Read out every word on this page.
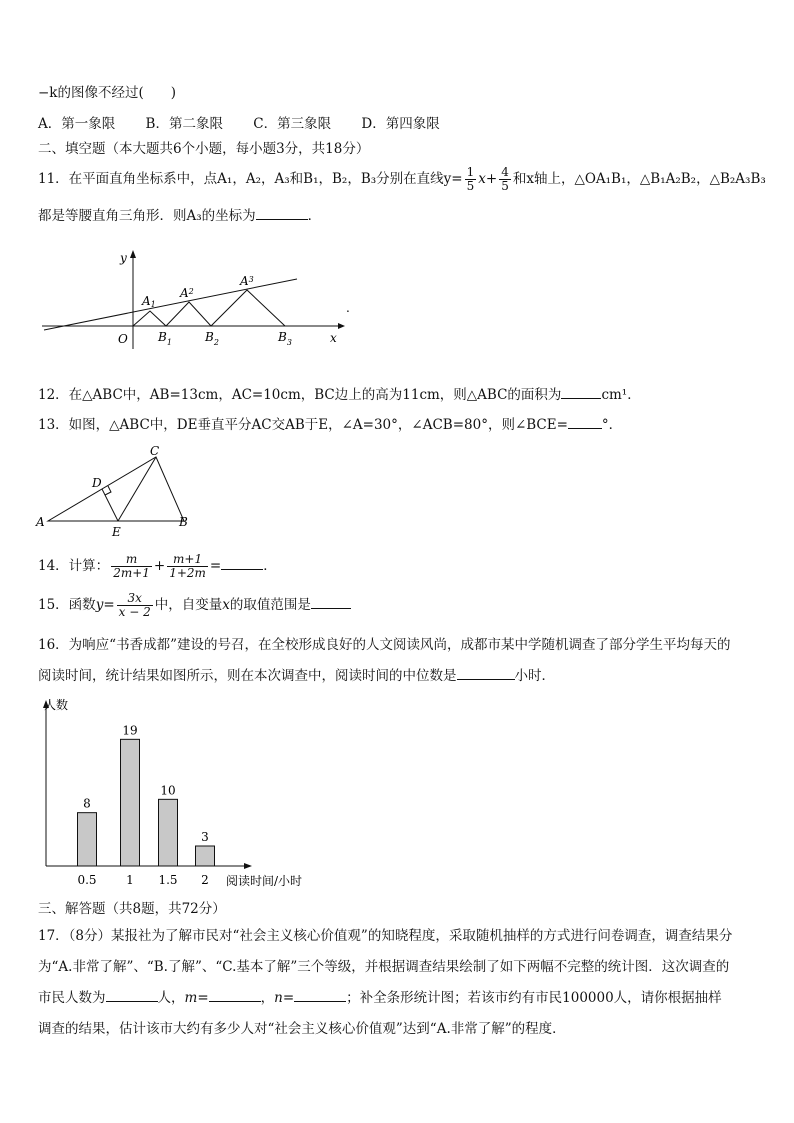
−k的图像不经过(　　)
A．第一象限 B．第二象限 C．第三象限 D．第四象限
二、填空题（本大题共6个小题，每小题3分，共18分）
11．在平面直角坐标系中，点A₁，A₂，A₃和B₁，B₂，B₃分别在直线$y= \frac{1}{5} x+ \frac{4}{5}$ 和x轴上，△OA₁B₁，△B₁A₂B₂，△B₂A₃B₃
都是等腰直角三角形．则A₃的坐标为	．
y
x
O
A1
$A^2$
$A^3$
$B_1$	$B_2$	$B_3$
.
12．在△ABC中，AB=13cm，AC=10cm，BC边上的高为11cm，则△ABC的面积为	cm¹．
13．如图，△ABC中，DE垂直平分AC交AB于E，∠A=30°，∠ACB=80°，则∠BCE=	°．
A	B
C
D
E
14．计算： $\frac{m}{2m+1} + \frac{m+1}{1+2m}$ =	．
15．函数$y= \frac{3x}{x - 2}$ 中，自变量x的取值范围是
16．为响应“书香成都”建设的号召，在全校形成良好的人文阅读风尚，成都市某中学随机调查了部分学生平均每天的
阅读时间，统计结果如图所示，则在本次调查中，阅读时间的中位数是	小时．
人数
阅读时间/小时
8
0.5
19
1
10
1.5
3
2
三、解答题（共8题，共72分）
17．（8分）某报社为了解市民对“社会主义核心价值观”的知晓程度，采取随机抽样的方式进行问卷调查，调查结果分
为“A.非常了解”、“B.了解”、“C.基本了解”三个等级，并根据调查结果绘制了如下两幅不完整的统计图．这次调查的
市民人数为	人，m=	，n=	；补全条形统计图；若该市约有市民100000人，请你根据抽样
调查的结果，估计该市大约有多少人对“社会主义核心价值观”达到“A.非常了解”的程度．
